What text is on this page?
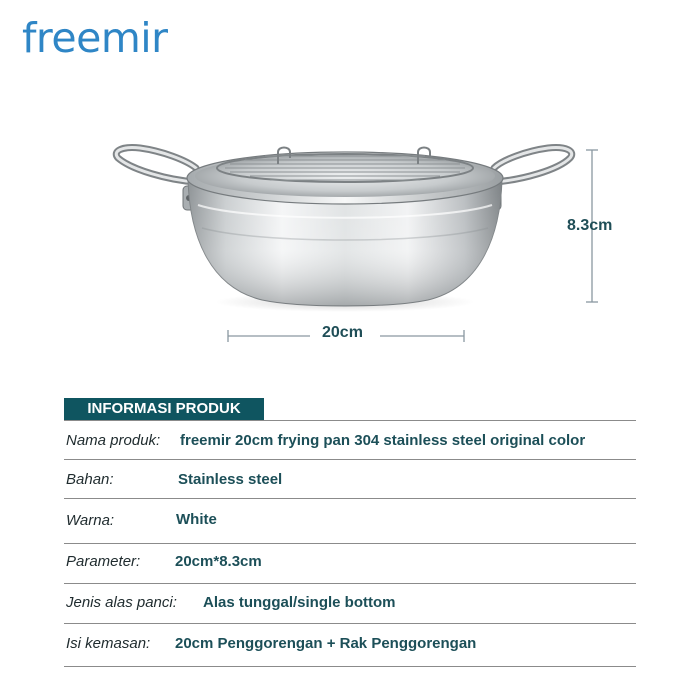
freemir
8.3cm
20cm
INFORMASI PRODUK
Nama produk: freemir 20cm frying pan 304 stainless steel original color
Bahan:	Stainless steel
Warna:	White
Parameter: 20cm*8.3cm
Jenis alas panci: Alas tunggal/single bottom
Isi kemasan: 20cm Penggorengan + Rak Penggorengan
